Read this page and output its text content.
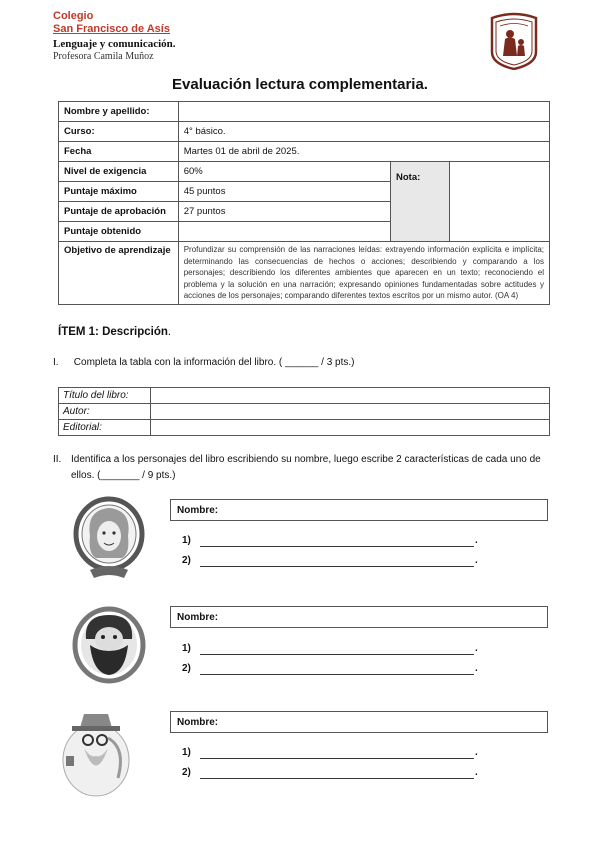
Colegio
San Francisco de Asís
Lenguaje y comunicación.
Profesora Camila Muñoz
Evaluación lectura complementaria.
Nombre y apellido:			
Curso:	4° básico.		
Fecha	Martes 01 de abril de 2025.		
Nivel de exigencia	60%	Nota:	
Puntaje máximo	45 puntos		
Puntaje de aprobación	27 puntos		
Puntaje obtenido			
Objetivo de aprendizaje	Profundizar su comprensión de las narraciones leídas: extrayendo información explícita e implícita; determinando las consecuencias de hechos o acciones; describiendo y comparando a los personajes; describiendo los diferentes ambientes que aparecen en un texto; reconociendo el problema y la solución en una narración; expresando opiniones fundamentadas sobre actitudes y acciones de los personajes; comparando diferentes textos escritos por un mismo autor. (OA 4)		
ÍTEM 1: Descripción.
I. Completa la tabla con la información del libro. ( ______ / 3 pts.)
Título del libro:	
Autor:	
Editorial:	
II. Identifica a los personajes del libro escribiendo su nombre, luego escribe 2 características de cada uno de ellos. (_______ / 9 pts.)
Nombre:
1)	.
2)	.
Nombre:
1)	.
2)	.
Nombre:
1)	.
2)	.
